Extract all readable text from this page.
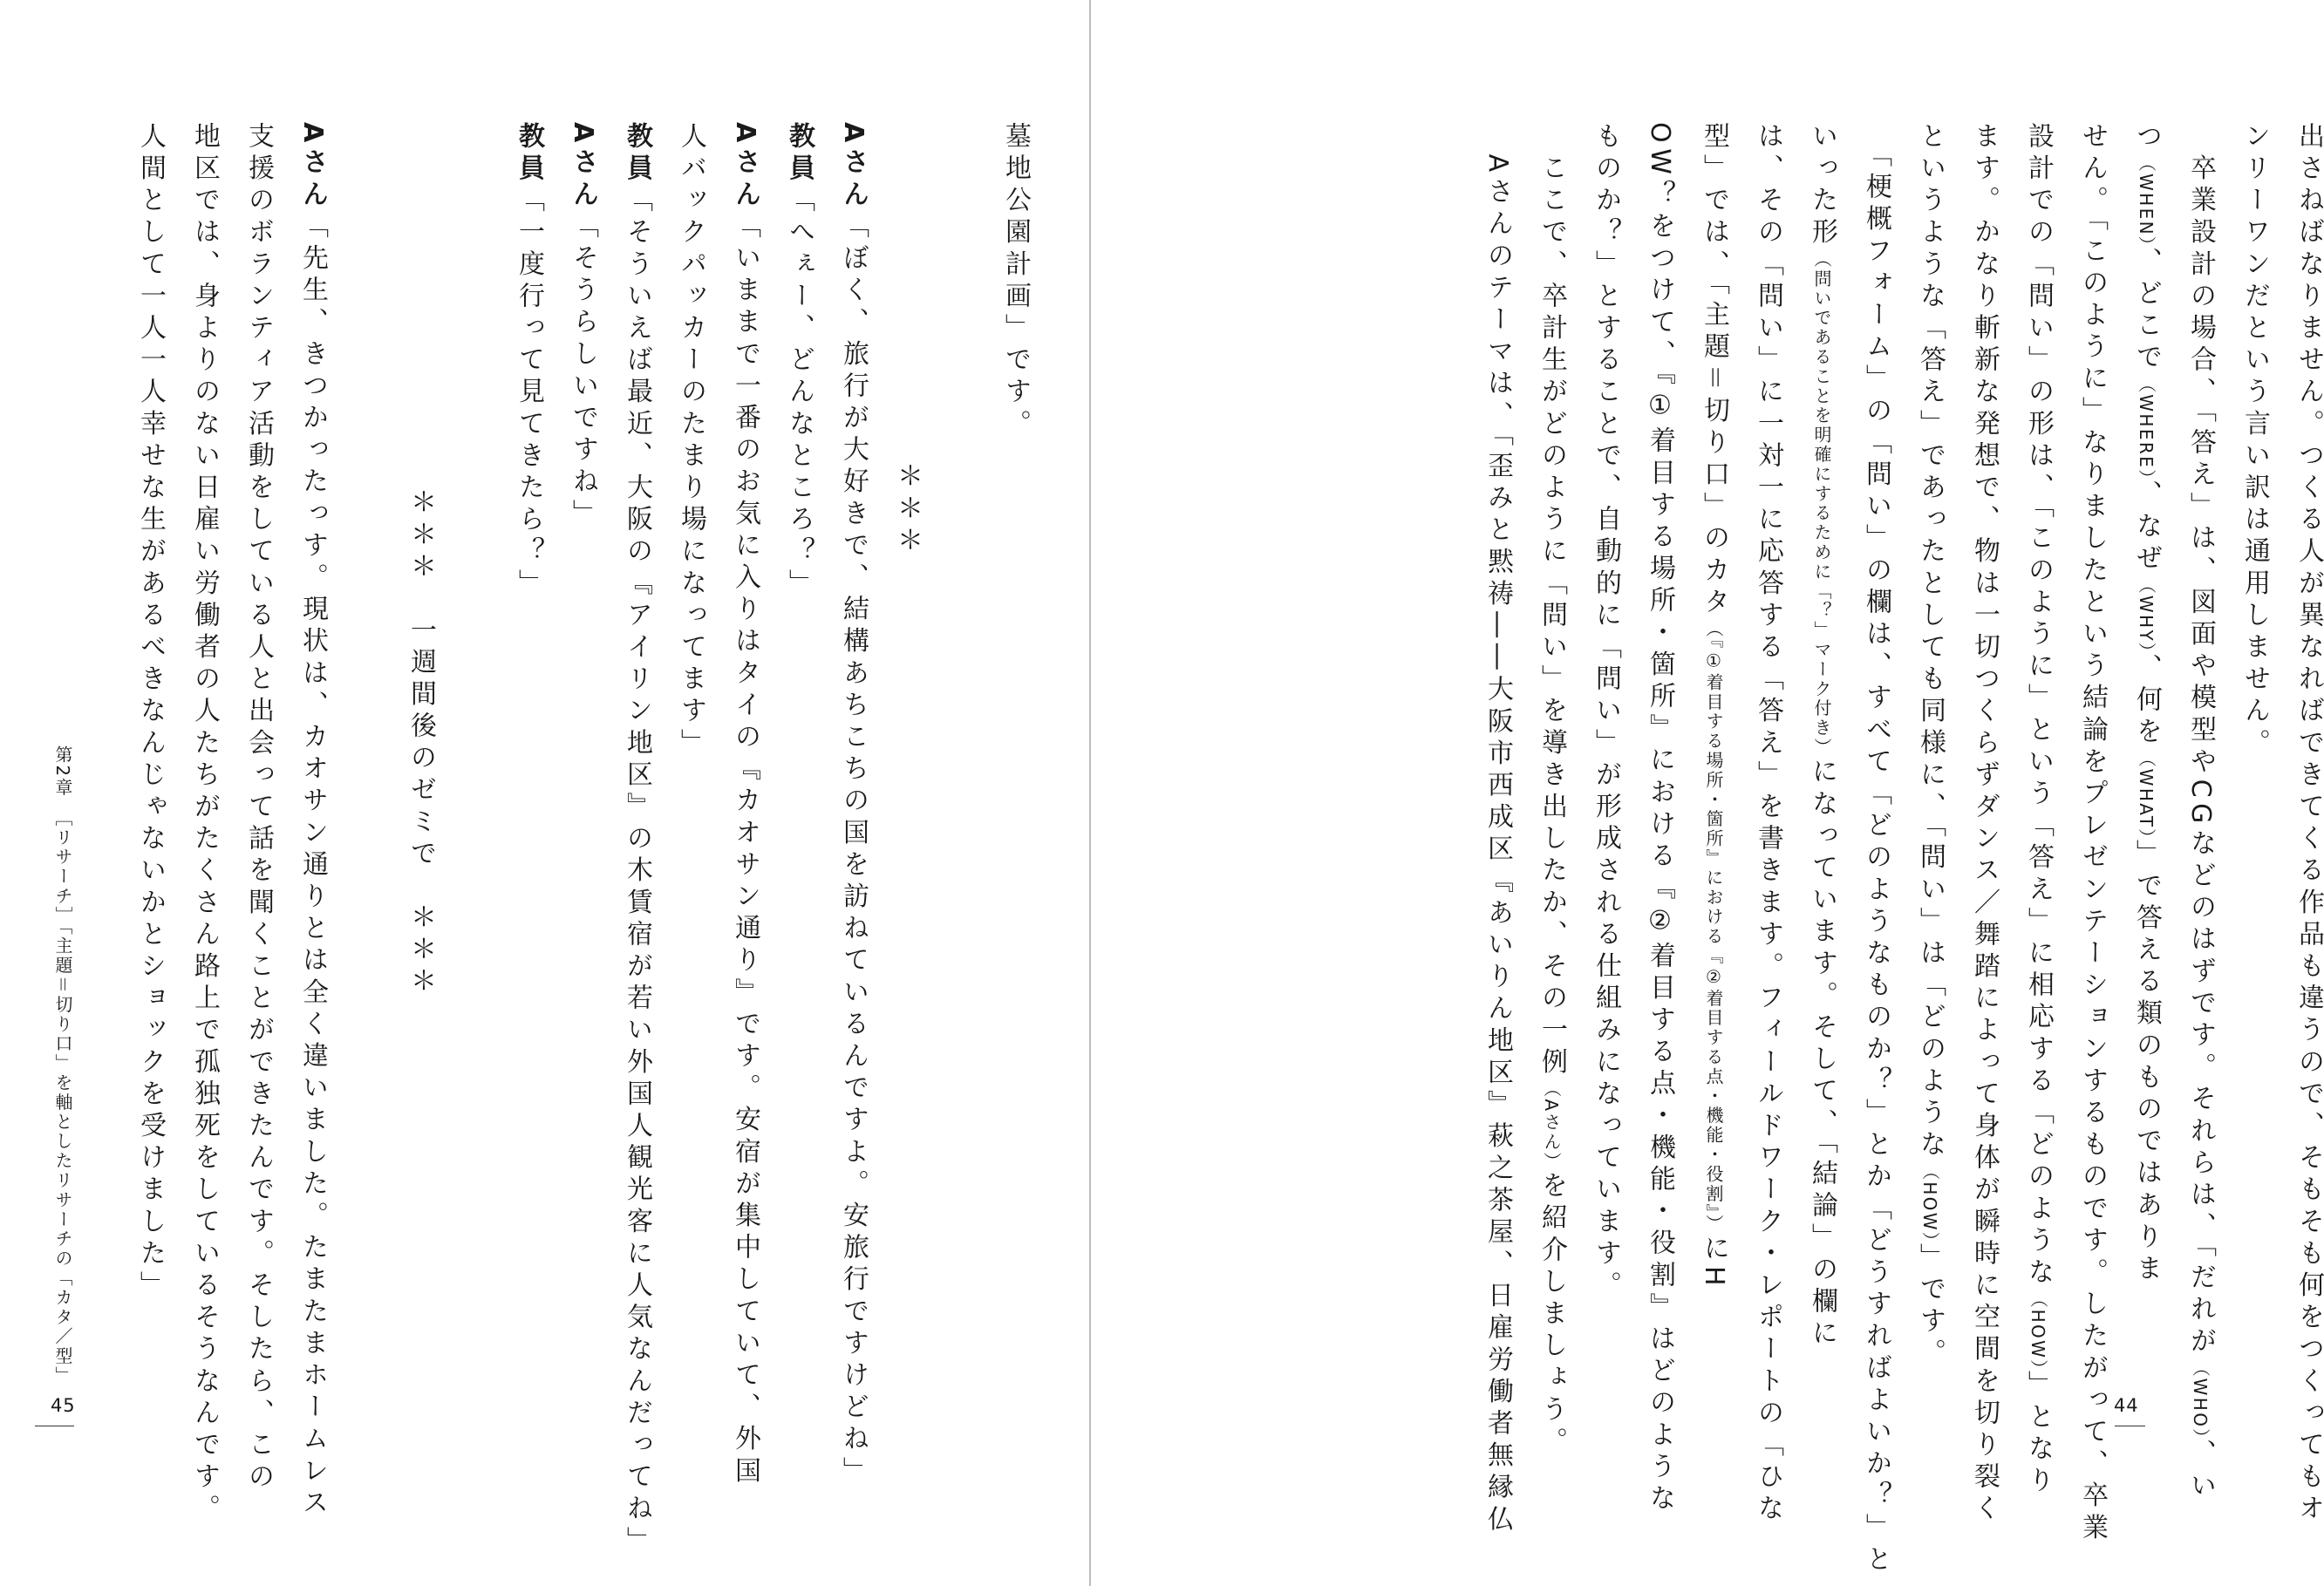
出さねばなりません。つくる人が異なればできてくる作品も違うので、そもそも何をつくってもオ
ンリーワンだという言い訳は通用しません。
　卒業設計の場合、「答え」は、図面や模型やCGなどのはずです。それらは、「だれが（WHO）、い
つ（WHEN）、どこで（WHERE）、なぜ（WHY）、何を（WHAT）」で答える類のものではありま
せん。「このように」なりましたという結論をプレゼンテーションするものです。したがって、卒業
設計での「問い」の形は、「このように」という「答え」に相応する「どのような（HOW）」となり
ます。かなり斬新な発想で、物は一切つくらずダンス／舞踏によって身体が瞬時に空間を切り裂く
というような「答え」であったとしても同様に、「問い」は「どのような（HOW）」です。
　「梗概フォーム」の「問い」の欄は、すべて「どのようなものか？」とか「どうすればよいか？」と
いった形（問いであることを明確にするために「？」マーク付き）になっています。そして、「結論」の欄に
は、その「問い」に一対一に応答する「答え」を書きます。フィールドワーク・レポートの「ひな
型」では、「主題＝切り口」のカタ（『①着目する場所・箇所』における『②着目する点・機能・役割』）にH
OW？をつけて、『①着目する場所・箇所』における『②着目する点・機能・役割』はどのような
ものか？」とすることで、自動的に「問い」が形成される仕組みになっています。
　ここで、卒計生がどのように「問い」を導き出したか、その一例（Aさん）を紹介しましょう。
　Aさんのテーマは、「歪みと黙祷――大阪市西成区『あいりん地区』萩之茶屋、日雇労働者無縁仏	44
第2章　［リサーチ］「主題＝切り口」を軸としたリサーチの「カタ／型」
墓地公園計画」です。
＊＊＊
Aさん「ぼく、旅行が大好きで、結構あちこちの国を訪ねているんですよ。安旅行ですけどね」
教員「へぇー、どんなところ？」
Aさん「いままで一番のお気に入りはタイの『カオサン通り』です。安宿が集中していて、外国
人バックパッカーのたまり場になってます」
教員「そういえば最近、大阪の『アイリン地区』の木賃宿が若い外国人観光客に人気なんだってね」
Aさん「そうらしいですね」
教員「一度行って見てきたら？」
＊＊＊　一週間後のゼミで　＊＊＊
Aさん「先生、きつかったっす。現状は、カオサン通りとは全く違いました。たまたまホームレス
支援のボランティア活動をしている人と出会って話を聞くことができたんです。そしたら、この
地区では、身よりのない日雇い労働者の人たちがたくさん路上で孤独死をしているそうなんです。
人間として一人一人幸せな生があるべきなんじゃないかとショックを受けました」
45
